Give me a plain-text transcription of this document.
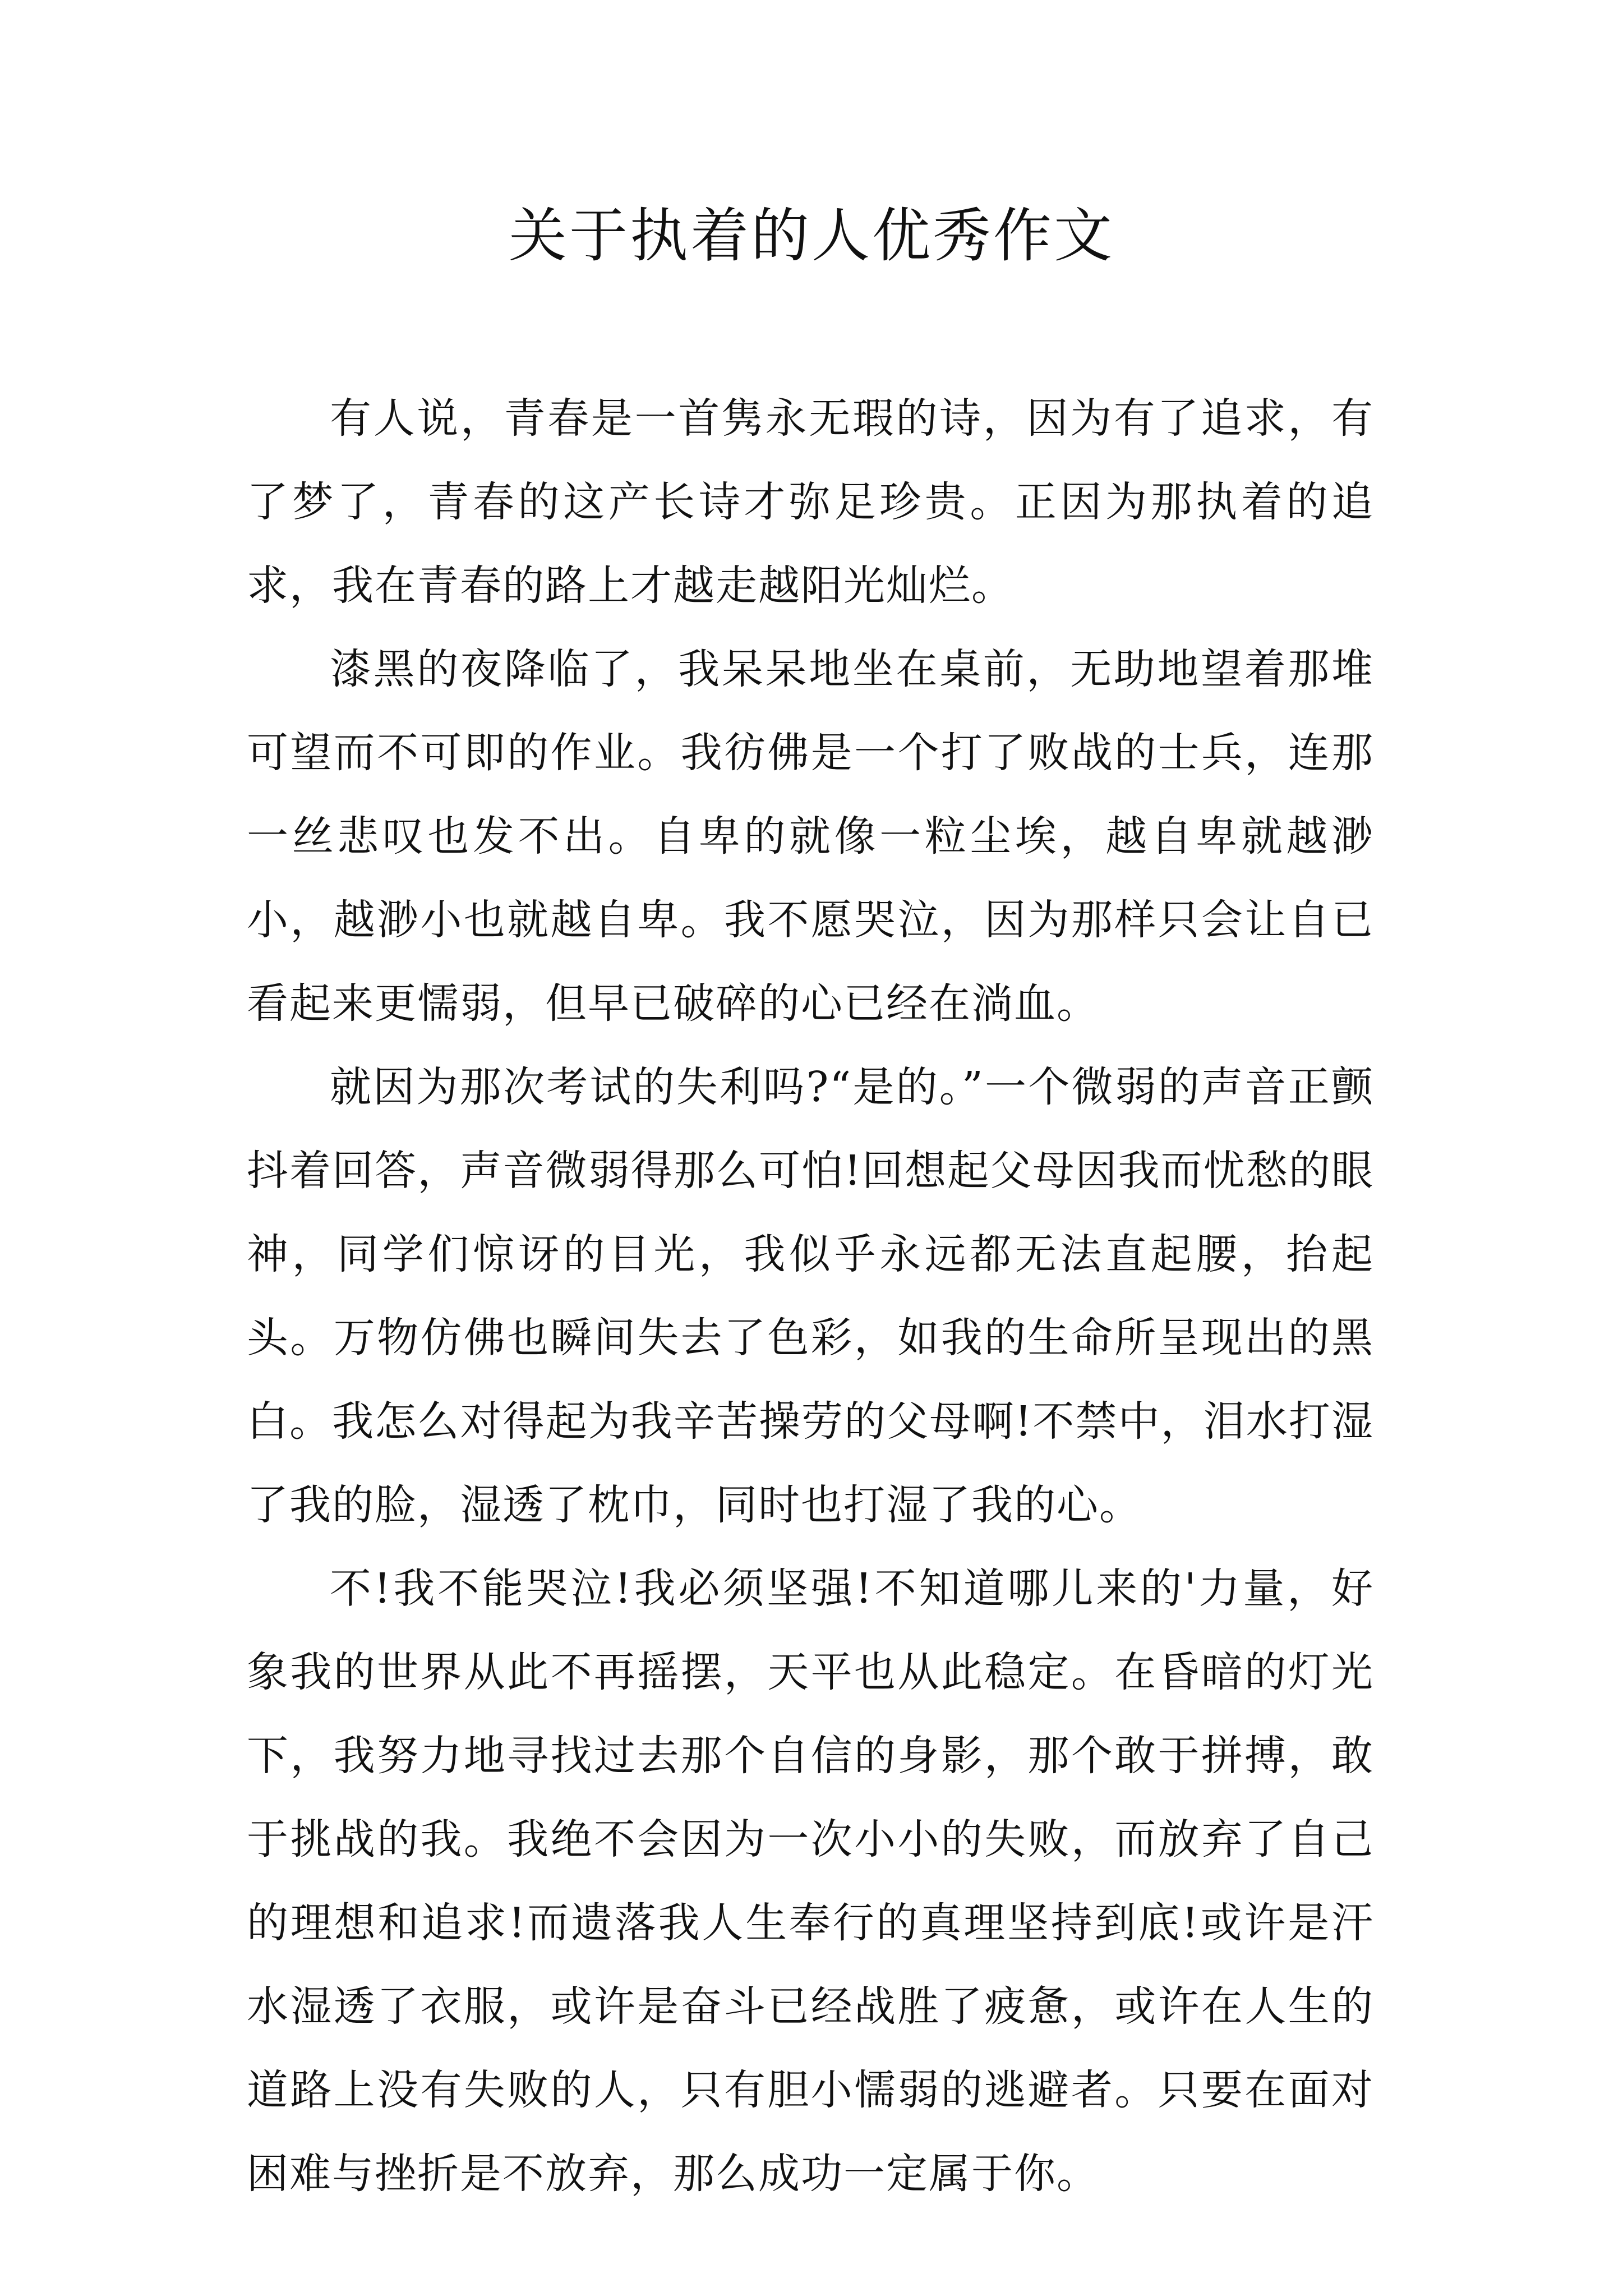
关于执着的人优秀作文

有人说，青春是一首隽永无瑕的诗，因为有了追求，有了梦了，青春的这产长诗才弥足珍贵。正因为那执着的追求，我在青春的路上才越走越阳光灿烂。

漆黑的夜降临了，我呆呆地坐在桌前，无助地望着那堆可望而不可即的作业。我彷佛是一个打了败战的士兵，连那一丝悲叹也发不出。自卑的就像一粒尘埃，越自卑就越渺小，越渺小也就越自卑。我不愿哭泣，因为那样只会让自已看起来更懦弱，但早已破碎的心已经在淌血。

就因为那次考试的失利吗?“是的。”一个微弱的声音正颤抖着回答，声音微弱得那么可怕!回想起父母因我而忧愁的眼神，同学们惊讶的目光，我似乎永远都无法直起腰，抬起头。万物仿佛也瞬间失去了色彩，如我的生命所呈现出的黑白。我怎么对得起为我辛苦操劳的父母啊!不禁中，泪水打湿了我的脸，湿透了枕巾，同时也打湿了我的心。

不!我不能哭泣!我必须坚强!不知道哪儿来的'力量，好象我的世界从此不再摇摆，天平也从此稳定。在昏暗的灯光下，我努力地寻找过去那个自信的身影，那个敢于拼搏，敢于挑战的我。我绝不会因为一次小小的失败，而放弃了自己的理想和追求!而遗落我人生奉行的真理坚持到底!或许是汗水湿透了衣服，或许是奋斗已经战胜了疲惫，或许在人生的道路上没有失败的人，只有胆小懦弱的逃避者。只要在面对困难与挫折是不放弃，那么成功一定属于你。
